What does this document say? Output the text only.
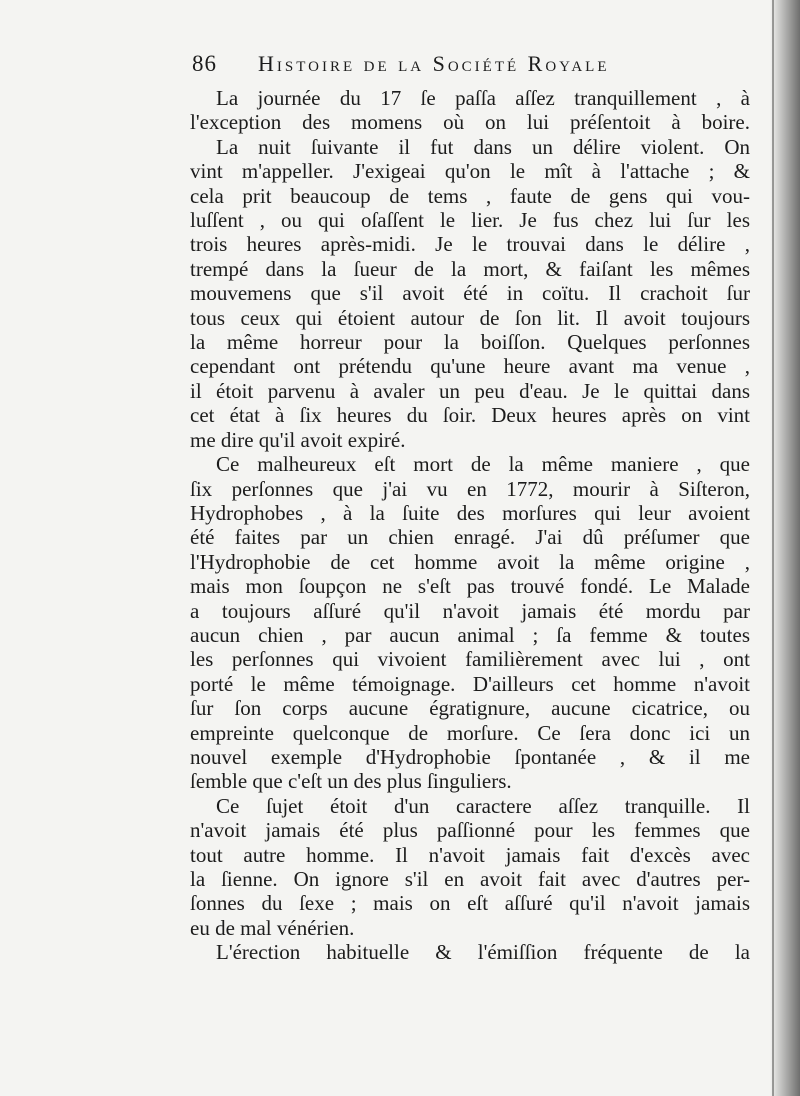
86 Histoire de la Société Royale
La journée du 17 ſe paſſa aſſez tranquillement , à
l'exception des momens où on lui préſentoit à boire.
La nuit ſuivante il fut dans un délire violent. On
vint m'appeller. J'exigeai qu'on le mît à l'attache ; &
cela prit beaucoup de tems , faute de gens qui vou-
luſſent , ou qui oſaſſent le lier. Je fus chez lui ſur les
trois heures après-midi. Je le trouvai dans le délire ,
trempé dans la ſueur de la mort, & faiſant les mêmes
mouvemens que s'il avoit été in coïtu. Il crachoit ſur
tous ceux qui étoient autour de ſon lit. Il avoit toujours
la même horreur pour la boiſſon. Quelques perſonnes
cependant ont prétendu qu'une heure avant ma venue ,
il étoit parvenu à avaler un peu d'eau. Je le quittai dans
cet état à ſix heures du ſoir. Deux heures après on vint
me dire qu'il avoit expiré.
Ce malheureux eſt mort de la même maniere , que
ſix perſonnes que j'ai vu en 1772, mourir à Siſteron,
Hydrophobes , à la ſuite des morſures qui leur avoient
été faites par un chien enragé. J'ai dû préſumer que
l'Hydrophobie de cet homme avoit la même origine ,
mais mon ſoupçon ne s'eſt pas trouvé fondé. Le Malade
a toujours aſſuré qu'il n'avoit jamais été mordu par
aucun chien , par aucun animal ; ſa femme & toutes
les perſonnes qui vivoient familièrement avec lui , ont
porté le même témoignage. D'ailleurs cet homme n'avoit
ſur ſon corps aucune égratignure, aucune cicatrice, ou
empreinte quelconque de morſure. Ce ſera donc ici un
nouvel exemple d'Hydrophobie ſpontanée , & il me
ſemble que c'eſt un des plus ſinguliers.
Ce ſujet étoit d'un caractere aſſez tranquille. Il
n'avoit jamais été plus paſſionné pour les femmes que
tout autre homme. Il n'avoit jamais fait d'excès avec
la ſienne. On ignore s'il en avoit fait avec d'autres per-
ſonnes du ſexe ; mais on eſt aſſuré qu'il n'avoit jamais
eu de mal vénérien.
L'érection habituelle & l'émiſſion fréquente de la
